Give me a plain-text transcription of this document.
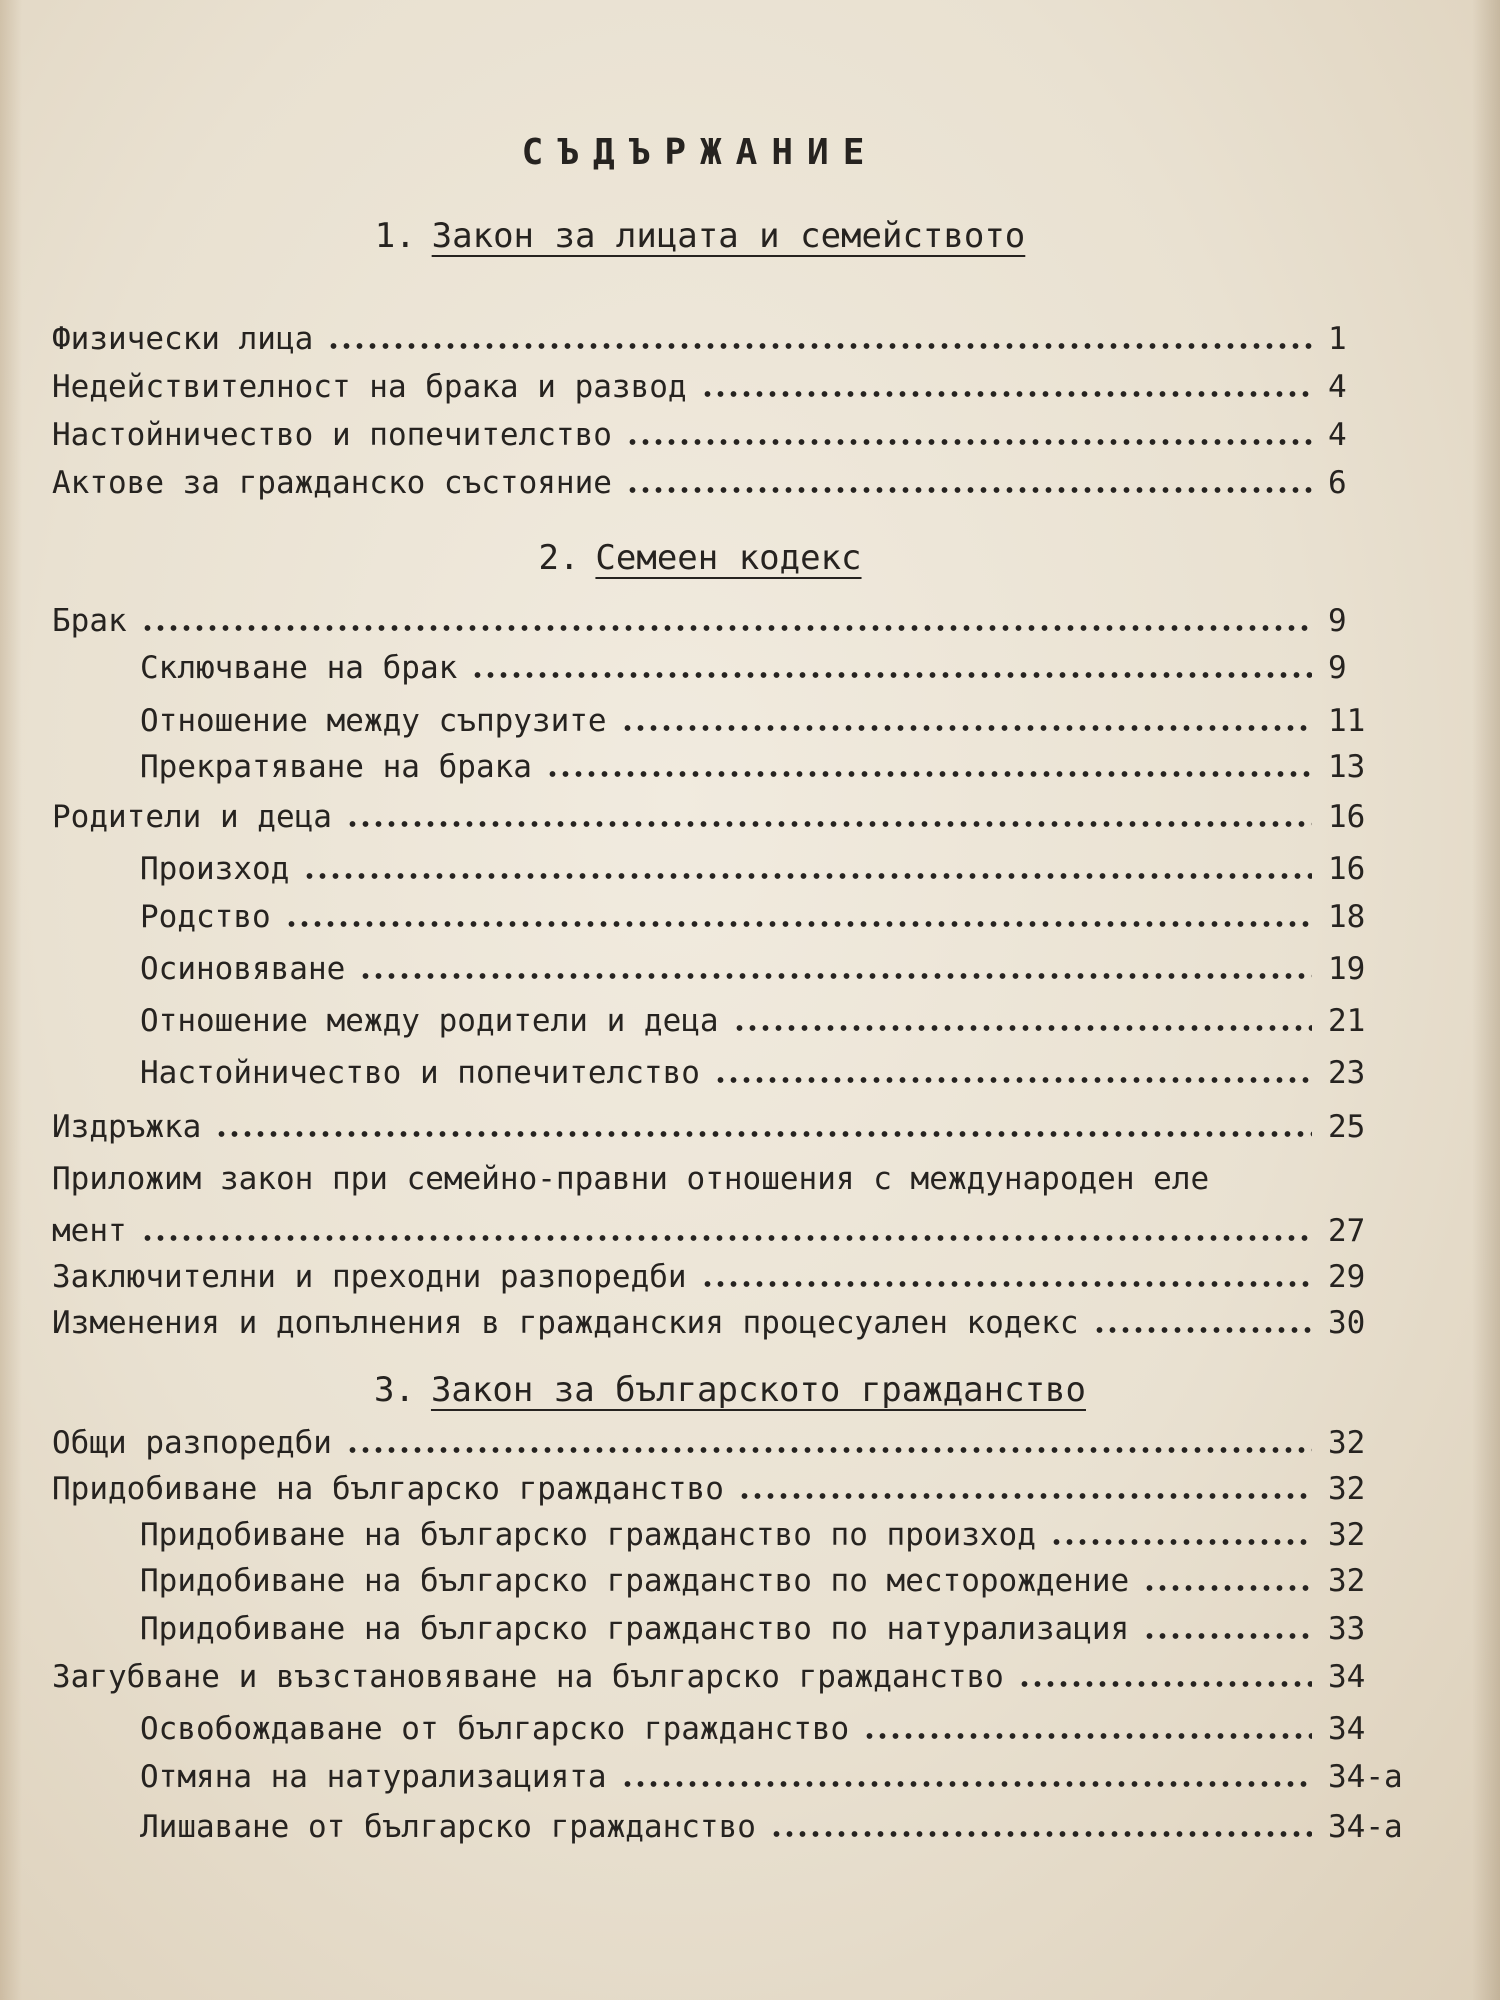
СЪДЪРЖАНИЕ
1. Закон за лицата и семейството
Физически лица	1
Недействителност на брака и развод	4
Настойничество и попечителство	4
Актове за гражданско състояние	6
2. Семеен кодекс
Брак	9
Сключване на брак	9
Отношение между съпрузите	11
Прекратяване на брака	13
Родители и деца	16
Произход	16
Родство	18
Осиновяване	19
Отношение между родители и деца	21
Настойничество и попечителство	23
Издръжка	25
Приложим закон при семейно-правни отношения с международен еле
мент	27
Заключителни и преходни разпоредби	29
Изменения и допълнения в гражданския процесуален кодекс	30
3. Закон за българското гражданство
Общи разпоредби	32
Придобиване на българско гражданство	32
Придобиване на българско гражданство по произход	32
Придобиване на българско гражданство по месторождение	32
Придобиване на българско гражданство по натурализация	33
Загубване и възстановяване на българско гражданство	34
Освобождаване от българско гражданство	34
Отмяна на натурализацията	34-а
Лишаване от българско гражданство	34-а
